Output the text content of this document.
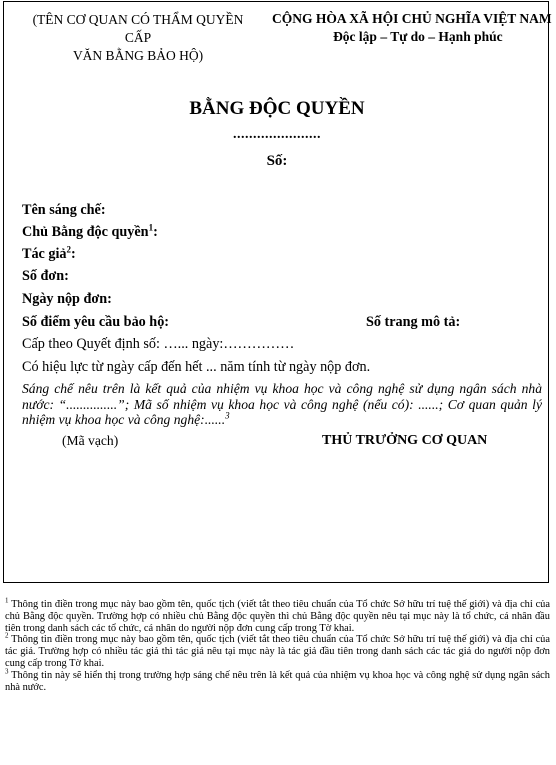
(TÊN CƠ QUAN CÓ THẨM QUYỀN CẤP
VĂN BẰNG BẢO HỘ)
CỘNG HÒA XÃ HỘI CHỦ NGHĨA VIỆT NAM
Độc lập – Tự do – Hạnh phúc
BẰNG ĐỘC QUYỀN
......................
Số:
Tên sáng chế:
Chủ Bằng độc quyền$^1$:
Tác giả$^2$:
Số đơn:
Ngày nộp đơn:
Số điểm yêu cầu bảo hộ:	Số trang mô tả:
Cấp theo Quyết định số: …... ngày:……………
Có hiệu lực từ ngày cấp đến hết ... năm tính từ ngày nộp đơn.
Sáng chế nêu trên là kết quả của nhiệm vụ khoa học và công nghệ sử dụng ngân sách nhà nước: “...............”; Mã số nhiệm vụ khoa học và công nghệ (nếu có): ......; Cơ quan quản lý nhiệm vụ khoa học và công nghệ:......$^3$
(Mã vạch)	THỦ TRƯỞNG CƠ QUAN

$^1$ Thông tin điền trong mục này bao gồm tên, quốc tịch (viết tắt theo tiêu chuẩn của Tổ chức Sở hữu trí tuệ thế giới) và địa chỉ của chủ Bằng độc quyền. Trường hợp có nhiều chủ Bằng độc quyền thì chủ Bằng độc quyền nêu tại mục này là tổ chức, cá nhân đầu tiên trong danh sách các tổ chức, cá nhân do người nộp đơn cung cấp trong Tờ khai.

$^2$ Thông tin điền trong mục này bao gồm tên, quốc tịch (viết tắt theo tiêu chuẩn của Tổ chức Sở hữu trí tuệ thế giới) và địa chỉ của tác giả. Trường hợp có nhiều tác giả thì tác giả nêu tại mục này là tác giả đầu tiên trong danh sách các tác giả do người nộp đơn cung cấp trong Tờ khai.

$^3$ Thông tin này sẽ hiển thị trong trường hợp sáng chế nêu trên là kết quả của nhiệm vụ khoa học và công nghệ sử dụng ngân sách nhà nước.
